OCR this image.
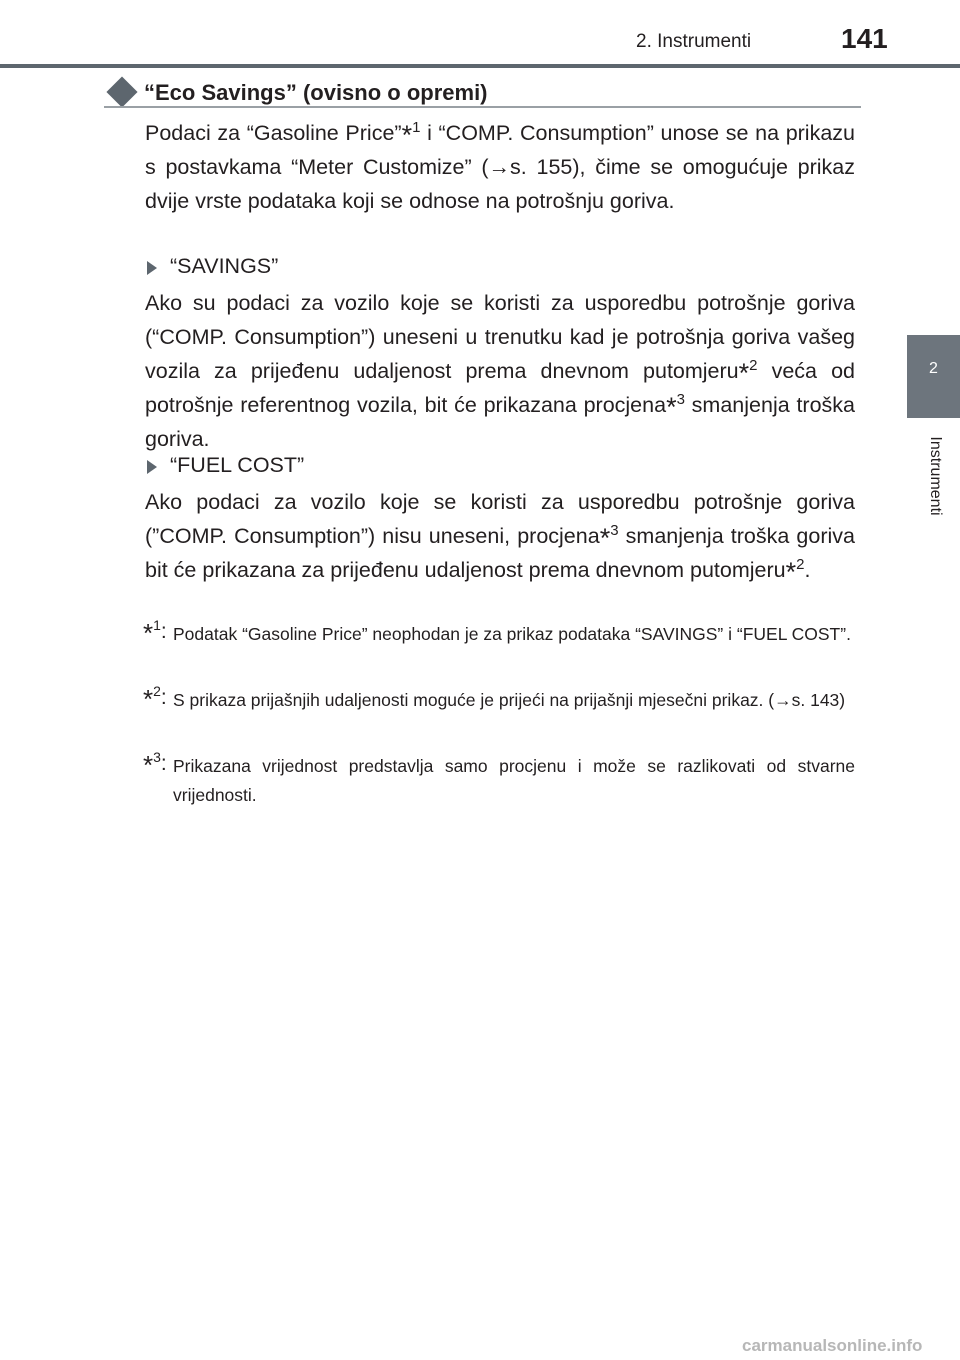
2. Instrumenti	141
2
Instrumenti
“Eco Savings” (ovisno o opremi)
Podaci za “Gasoline Price”*$^1$ i “COMP. Consumption” unose se na prikazu s postavkama “Meter Customize” (→s. 155), čime se omogućuje prikaz dvije vrste podataka koji se odnose na potrošnju goriva.
“SAVINGS”
Ako su podaci za vozilo koje se koristi za usporedbu potrošnje goriva (“COMP. Consumption”) uneseni u trenutku kad je potrošnja goriva vašeg vozila za prijeđenu udaljenost prema dnevnom putomjeru*$^2$ veća od potrošnje referentnog vozila, bit će prikazana procjena*$^3$ smanjenja troška goriva.
“FUEL COST”
Ako podaci za vozilo koje se koristi za usporedbu potrošnje goriva (”COMP. Consumption”) nisu uneseni, procjena*$^3$ smanjenja troška goriva bit će prikazana za prijeđenu udaljenost prema dnevnom putomjeru*$^2$.
*$^1$: Podatak “Gasoline Price” neophodan je za prikaz podataka “SAVINGS” i “FUEL COST”.
*$^2$: S prikaza prijašnjih udaljenosti moguće je prijeći na prijašnji mjesečni prikaz. (→s. 143)
*$^3$: Prikazana vrijednost predstavlja samo procjenu i može se razlikovati od stvarne vrijednosti.
carmanualsonline.info
